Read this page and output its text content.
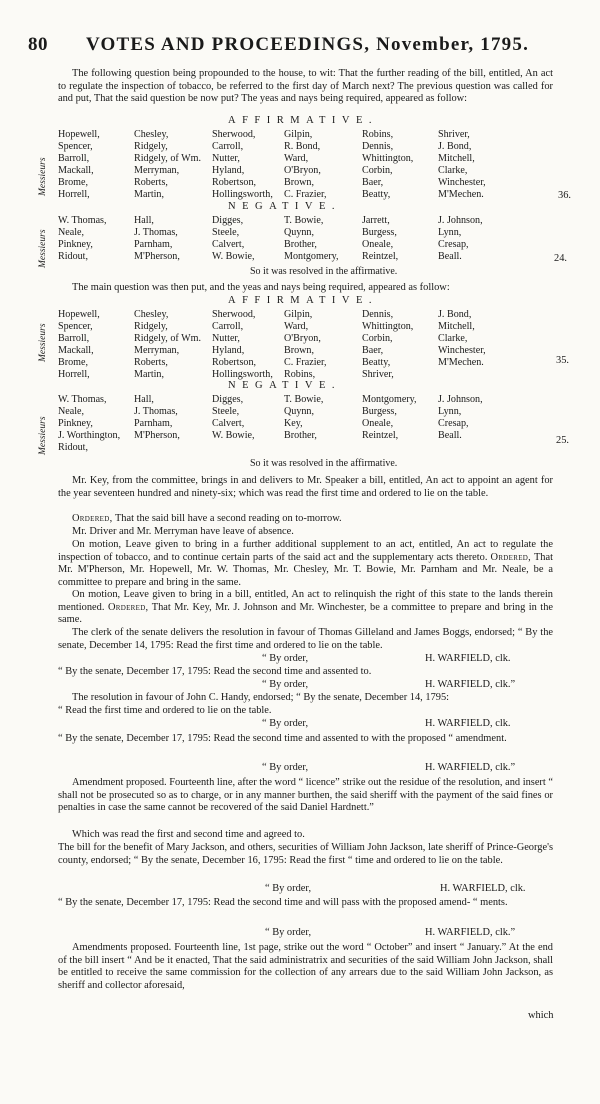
80 VOTES AND PROCEEDINGS, November, 1795.
The following question being propounded to the house, to wit: That the further reading of the bill, entitled, An act to regulate the inspection of tobacco, be referred to the first day of March next? The previous question was called for and put, That the said question be now put? The yeas and nays being required, appeared as follow:
AFFIRMATIVE.
Messieurs
Hopewell,	Chesley,	Sherwood,	Gilpin,	Robins,	Shriver,
Spencer,	Ridgely,	Carroll,	R. Bond,	Dennis,	J. Bond,
Barroll,	Ridgely, of Wm.	Nutter,	Ward,	Whittington,	Mitchell,
Mackall,	Merryman,	Hyland,	O'Bryon,	Corbin,	Clarke,
Brome,	Roberts,	Robertson,	Brown,	Baer,	Winchester,
Horrell,	Martin,	Hollingsworth,	C. Frazier,	Beatty,	M'Mechen.	36.
NEGATIVE.
Messieurs
W. Thomas,	Hall,	Digges,	T. Bowie,	Jarrett,	J. Johnson,
Neale,	J. Thomas,	Steele,	Quynn,	Burgess,	Lynn,
Pinkney,	Parnham,	Calvert,	Brother,	Oneale,	Cresap,
Ridout,	M'Pherson,	W. Bowie,	Montgomery,	Reintzel,	Beall.	24.
So it was resolved in the affirmative.
The main question was then put, and the yeas and nays being required, appeared as follow:
AFFIRMATIVE.
Messieurs
Hopewell,	Chesley,	Sherwood,	Gilpin,	Dennis,	J. Bond,
Spencer,	Ridgely,	Carroll,	Ward,	Whittington,	Mitchell,
Barroll,	Ridgely, of Wm.	Nutter,	O'Bryon,	Corbin,	Clarke,
Mackall,	Merryman,	Hyland,	Brown,	Baer,	Winchester,
Brome,	Roberts,	Robertson,	C. Frazier,	Beatty,	M'Mechen.
Horrell,	Martin,	Hollingsworth,	Robins,	Shriver,	
35.
NEGATIVE.
Messieurs
W. Thomas,	Hall,	Digges,	T. Bowie,	Montgomery,	J. Johnson,
Neale,	J. Thomas,	Steele,	Quynn,	Burgess,	Lynn,
Pinkney,	Parnham,	Calvert,	Key,	Oneale,	Cresap,
J. Worthington,	M'Pherson,	W. Bowie,	Brother,	Reintzel,	Beall.
Ridout,					
25.
So it was resolved in the affirmative.
Mr. Key, from the committee, brings in and delivers to Mr. Speaker a bill, entitled, An act to appoint an agent for the year seventeen hundred and ninety-six; which was read the first time and ordered to lie on the table.
Ordered, That the said bill have a second reading on to-morrow.
Mr. Driver and Mr. Merryman have leave of absence.
On motion, Leave given to bring in a further additional supplement to an act, entitled, An act to regulate the inspection of tobacco, and to continue certain parts of the said act and the supplementary acts thereto. Ordered, That Mr. M'Pherson, Mr. Hopewell, Mr. W. Thomas, Mr. Chesley, Mr. T. Bowie, Mr. Parnham and Mr. Neale, be a committee to prepare and bring in the same.
On motion, Leave given to bring in a bill, entitled, An act to relinquish the right of this state to the lands therein mentioned. Ordered, That Mr. Key, Mr. J. Johnson and Mr. Winchester, be a committee to prepare and bring in the same.
The clerk of the senate delivers the resolution in favour of Thomas Gilleland and James Boggs, endorsed; “ By the senate, December 14, 1795: Read the first time and ordered to lie on the table.
“ By order,	H. WARFIELD, clk.
“ By the senate, December 17, 1795: Read the second time and assented to.
“ By order,	H. WARFIELD, clk.”
The resolution in favour of John C. Handy, endorsed; “ By the senate, December 14, 1795:
“ Read the first time and ordered to lie on the table.
“ By order,	H. WARFIELD, clk.
“ By the senate, December 17, 1795: Read the second time and assented to with the proposed “ amendment.
“ By order,	H. WARFIELD, clk.”
Amendment proposed. Fourteenth line, after the word “ licence” strike out the residue of the resolution, and insert “ shall not be prosecuted so as to charge, or in any manner burthen, the said sheriff with the payment of the said fines or penalties in case the same cannot be recovered of the said Daniel Hardnett.”
Which was read the first and second time and agreed to.
The bill for the benefit of Mary Jackson, and others, securities of William John Jackson, late sheriff of Prince-George's county, endorsed; “ By the senate, December 16, 1795: Read the first “ time and ordered to lie on the table.
“ By order,	H. WARFIELD, clk.
“ By the senate, December 17, 1795: Read the second time and will pass with the proposed amend- “ ments.
“ By order,	H. WARFIELD, clk.”
Amendments proposed. Fourteenth line, 1st page, strike out the word “ October” and insert “ January.” At the end of the bill insert “ And be it enacted, That the said administratrix and securities of the said William John Jackson, shall be entitled to receive the same commission for the collection of any arrears due to the said William John Jackson, as sheriff and collector aforesaid,
which
